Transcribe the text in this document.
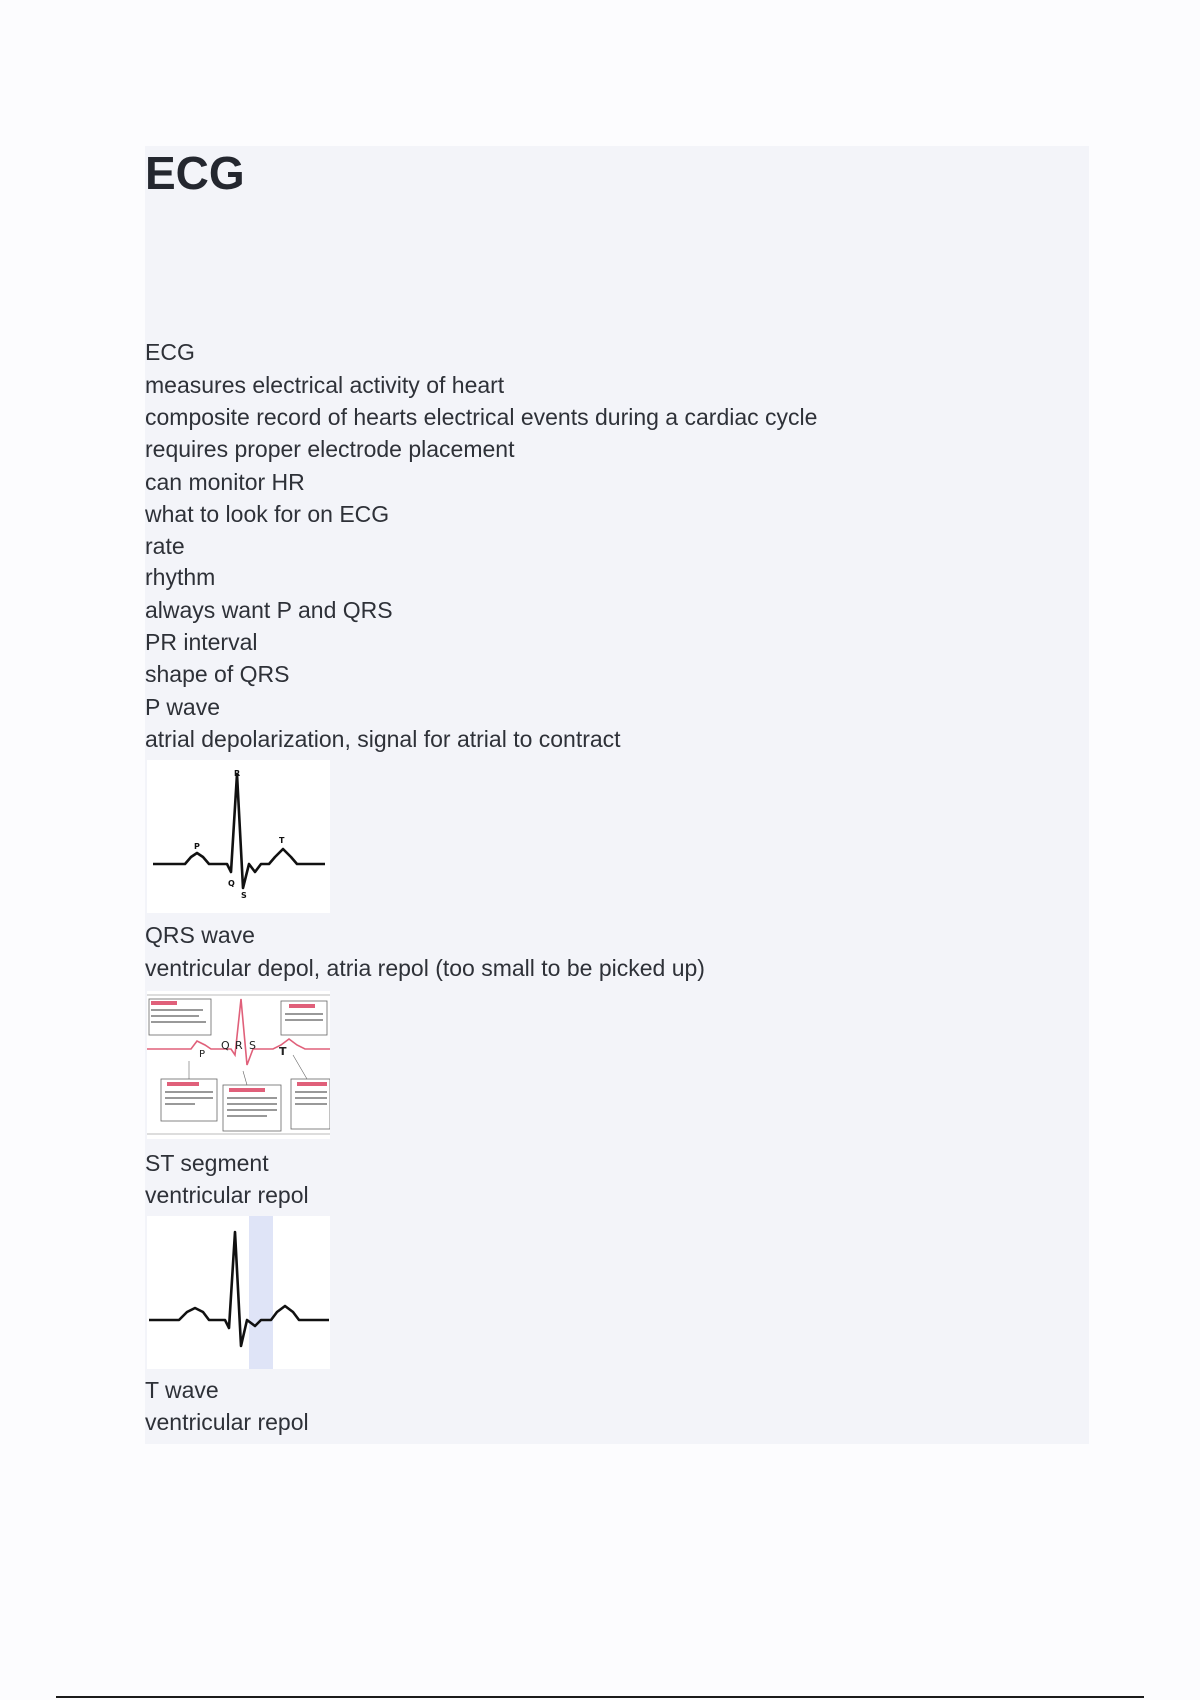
ECG
ECG
measures electrical activity of heart
composite record of hearts electrical events during a cardiac cycle
requires proper electrode placement
can monitor HR
what to look for on ECG
rate
rhythm
always want P and QRS
PR interval
shape of QRS
P wave
atrial depolarization, signal for atrial to contract
P
Q
R
S
T
QRS wave
ventricular depol, atria repol (too small to be picked up)
P
Q R S T
ST segment
ventricular repol
T wave
ventricular repol
